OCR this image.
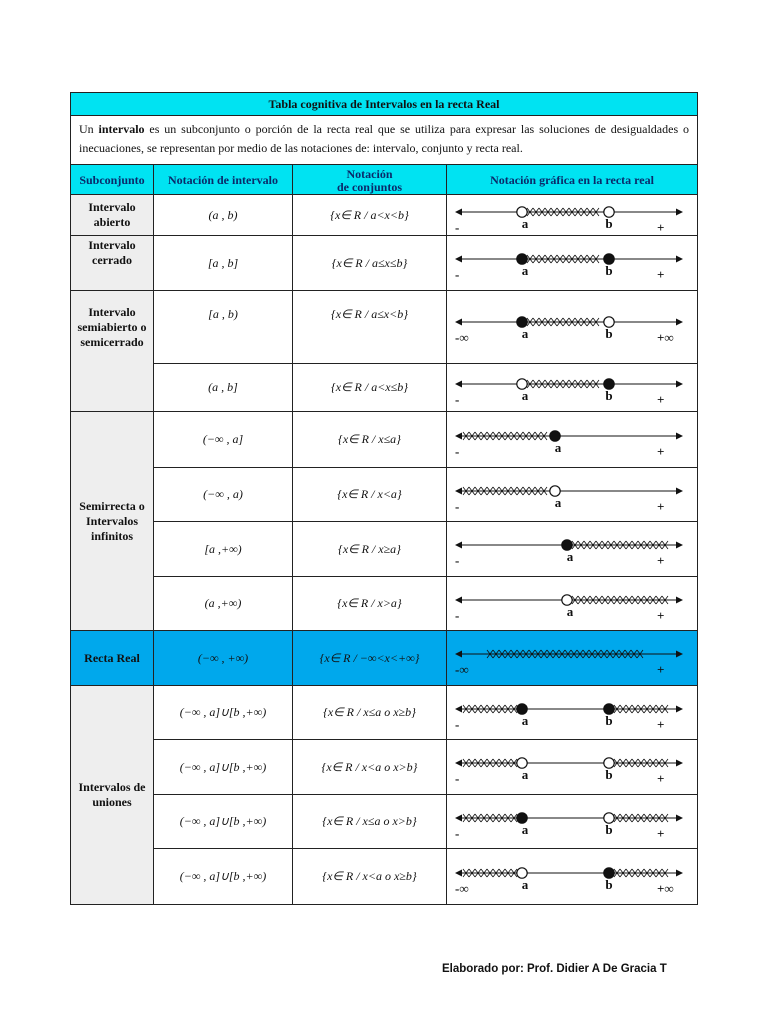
Tabla cognitiva de Intervalos en la recta Real			
Un intervalo es un subconjunto o porción de la recta real que se utiliza para expresar las soluciones de desigualdades o inecuaciones, se representan por medio de las notaciones de: intervalo, conjunto y recta real.			

Subconjunto	Notación de intervalo	Notación
de conjuntos	Notación gráfica en la recta real

Intervalo abierto	(a , b)	{x∈ R / a<x<b}	a b
- +

Intervalo cerrado	[a , b]	{x∈ R / a≤x≤b}	a b
- +

Intervalo semiabierto o semicerrado	[a , b)	{x∈ R / a≤x<b}	a b
-∞ +∞

	(a , b]	{x∈ R / a<x≤b}	a b
- +

Semirrecta o Intervalos infinitos	(−∞ , a]	{x∈ R / x≤a}	a
- +

	(−∞ , a)	{x∈ R / x<a}	a
- +

	[a ,+∞)	{x∈ R / x≥a}	a
- +

	(a ,+∞)	{x∈ R / x>a}	a
- +

Recta Real	(−∞ , +∞)	{x∈ R / −∞<x<+∞}	-∞ +

Intervalos de uniones	(−∞ , a]∪[b ,+∞)	{x∈ R / x≤a o x≥b}	a b
- +

	(−∞ , a]∪[b ,+∞)	{x∈ R / x<a o x>b}	a b
- +

	(−∞ , a]∪[b ,+∞)	{x∈ R / x≤a o x>b}	a b
- +

	(−∞ , a]∪[b ,+∞)	{x∈ R / x<a o x≥b}	a b
-∞ +∞
Elaborado por: Prof. Didier A De Gracia T
